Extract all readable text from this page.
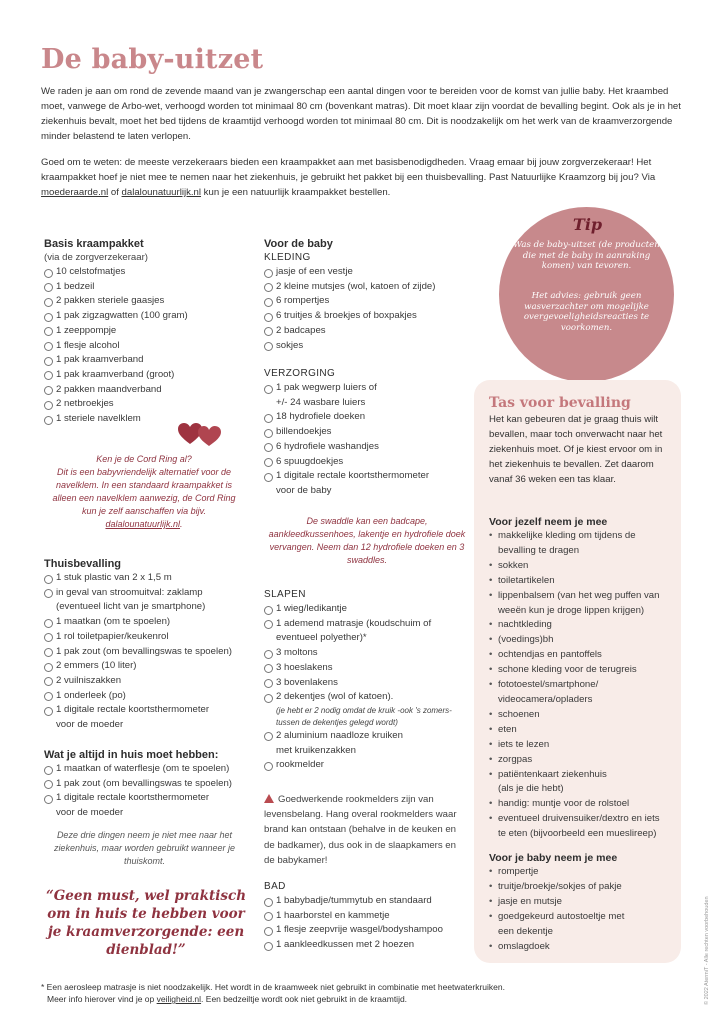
De baby-uitzet

We raden je aan om rond de zevende maand van je zwangerschap een aantal dingen voor te bereiden voor de komst van jullie baby. Het kraambed moet, vanwege de Arbo-wet, verhoogd worden tot minimaal 80 cm (bovenkant matras). Dit moet klaar zijn voordat de bevalling begint. Ook als je in het ziekenhuis bevalt, moet het bed tijdens de kraamtijd verhoogd worden tot minimaal 80 cm. Dit is noodzakelijk om het werk van de kraamverzorgende minder belastend te laten verlopen.

Goed om te weten: de meeste verzekeraars bieden een kraampakket aan met basisbenodigdheden. Vraag emaar bij jouw zorgverzekeraar! Het kraampakket hoef je niet mee te nemen naar het ziekenhuis, je gebruikt het pakket bij een thuisbevalling. Past Natuurlijke Kraamzorg bij jou? Via moederaarde.nl of dalalounatuurlijk.nl kun je een natuurlijk kraampakket bestellen.

Basis kraampakket
(via de zorgverzekeraar)
10 celstofmatjes
1 bedzeil
2 pakken steriele gaasjes
1 pak zigzagwatten (100 gram)
1 zeeppompje
1 flesje alcohol
1 pak kraamverband
1 pak kraamverband (groot)
2 pakken maandverband
2 netbroekjes
1 steriele navelklem
Ken je de Cord Ring al?
Dit is een babyvriendelijk alternatief voor de navelklem. In een standaard kraampakket is alleen een navelklem aanwezig, de Cord Ring kun je zelf aanschaffen via bijv.
dalalounatuurlijk.nl.
Thuisbevalling
1 stuk plastic van 2 x 1,5 m
in geval van stroomuitval: zaklamp
(eventueel licht van je smartphone)
1 maatkan (om te spoelen)
1 rol toiletpapier/keukenrol
1 pak zout (om bevallingswas te spoelen)
2 emmers (10 liter)
2 vuilniszakken
1 onderleek (po)
1 digitale rectale koortsthermometer
voor de moeder
Wat je altijd in huis moet hebben:
1 maatkan of waterflesje (om te spoelen)
1 pak zout (om bevallingswas te spoelen)
1 digitale rectale koortsthermometer
voor de moeder
Deze drie dingen neem je niet mee naar het ziekenhuis, maar worden gebruikt wanneer je thuiskomt.
“Geen must, wel praktisch om in huis te hebben voor je kraamverzorgende: een dienblad!”
Voor de baby
KLEDING
jasje of een vestje
2 kleine mutsjes (wol, katoen of zijde)
6 rompertjes
6 truitjes & broekjes of boxpakjes
2 badcapes
sokjes
VERZORGING
1 pak wegwerp luiers of
+/- 24 wasbare luiers
18 hydrofiele doeken
billendoekjes
6 hydrofiele washandjes
6 spuugdoekjes
1 digitale rectale koortsthermometer
voor de baby
De swaddle kan een badcape, aankleedkussenhoes, lakentje en hydrofiele doek vervangen. Neem dan 12 hydrofiele doeken en 3 swaddles.
SLAPEN
1 wieg/ledikantje
1 ademend matrasje (koudschuim of
eventueel polyether)*
3 moltons
3 hoeslakens
3 bovenlakens
2 dekentjes (wol of katoen).
(je hebt er 2 nodig omdat de kruik -ook 's zomers- tussen de dekentjes gelegd wordt)
2 aluminium naadloze kruiken
met kruikenzakken
rookmelder
Goedwerkende rookmelders zijn van levensbelang. Hang overal rookmelders waar brand kan ontstaan (behalve in de keuken en de badkamer), dus ook in de slaapkamers en de babykamer!
BAD
1 babybadje/tummytub en standaard
1 haarborstel en kammetje
1 flesje zeepvrije wasgel/bodyshampoo
1 aankleedkussen met 2 hoezen
Tip
Was de baby-uitzet (de producten die met de baby in aanraking komen) van tevoren.
Het advies: gebruik geen wasverzachter om mogelijke overgevoeligheidsreacties te voorkomen.
Tas voor bevalling
Het kan gebeuren dat je graag thuis wilt bevallen, maar toch onverwacht naar het ziekenhuis moet. Of je kiest ervoor om in het ziekenhuis te bevallen. Zet daarom vanaf 36 weken een tas klaar.
Voor jezelf neem je mee
• makkelijke kleding om tijdens de
bevalling te dragen
• sokken
• toiletartikelen
• lippenbalsem (van het weg puffen van
weeën kun je droge lippen krijgen)
• nachtkleding
• (voedings)bh
• ochtendjas en pantoffels
• schone kleding voor de terugreis
• fototoestel/smartphone/
videocamera/opladers
• schoenen
• eten
• iets te lezen
• zorgpas
• patiëntenkaart ziekenhuis
(als je die hebt)
• handig: muntje voor de rolstoel
• eventueel druivensuiker/dextro en iets
te eten (bijvoorbeeld een mueslireep)
Voor je baby neem je mee
• rompertje
• truitje/broekje/sokjes of pakje
• jasje en mutsje
• goedgekeurd autostoeltje met
een dekentje
• omslagdoek
* Een aerosleep matrasje is niet noodzakelijk. Het wordt in de kraamweek niet gebruikt in combinatie met heetwaterkruiken.
Meer info hierover vind je op veiligheid.nl. Een bedzeiltje wordt ook niet gebruikt in de kraamtijd.	© 2022 AtermiT - Alle rechten voorbehouden
